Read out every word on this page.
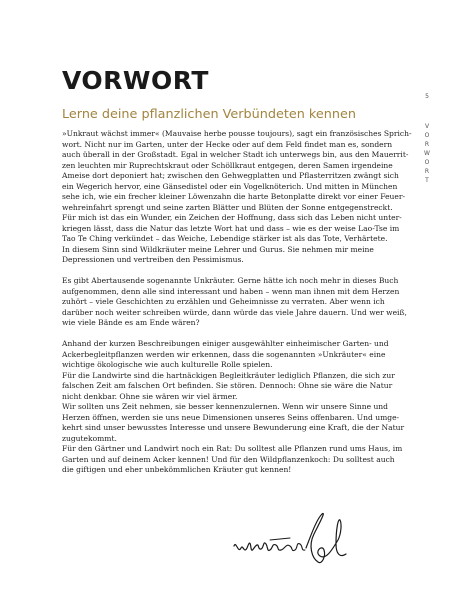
VORWORT
Lerne deine pflanzlichen Verbündeten kennen
5
V
O
R
W
O
R
T

»Unkraut wächst immer« (Mauvaise herbe pousse toujours), sagt ein französisches Sprich-

wort. Nicht nur im Garten, unter der Hecke oder auf dem Feld findet man es, sondern

auch überall in der Großstadt. Egal in welcher Stadt ich unterwegs bin, aus den Mauerrit-

zen leuchten mir Ruprechtskraut oder Schöllkraut entgegen, deren Samen irgendeine

Ameise dort deponiert hat; zwischen den Gehwegplatten und Pflasterritzen zwängt sich

ein Wegerich hervor, eine Gänsedistel oder ein Vogelknöterich. Und mitten in München

sehe ich, wie ein frecher kleiner Löwenzahn die harte Betonplatte direkt vor einer Feuer-

wehreinfahrt sprengt und seine zarten Blätter und Blüten der Sonne entgegenstreckt.

Für mich ist das ein Wunder, ein Zeichen der Hoffnung, dass sich das Leben nicht unter-

kriegen lässt, dass die Natur das letzte Wort hat und dass – wie es der weise Lao-Tse im

Tao Te Ching verkündet – das Weiche, Lebendige stärker ist als das Tote, Verhärtete.

In diesem Sinn sind Wildkräuter meine Lehrer und Gurus. Sie nehmen mir meine

Depressionen und vertreiben den Pessimismus.

Es gibt Abertausende sogenannte Unkräuter. Gerne hätte ich noch mehr in dieses Buch

aufgenommen, denn alle sind interessant und haben – wenn man ihnen mit dem Herzen

zuhört – viele Geschichten zu erzählen und Geheimnisse zu verraten. Aber wenn ich

darüber noch weiter schreiben würde, dann würde das viele Jahre dauern. Und wer weiß,

wie viele Bände es am Ende wären?

Anhand der kurzen Beschreibungen einiger ausgewählter einheimischer Garten- und

Ackerbegleitpflanzen werden wir erkennen, dass die sogenannten »Unkräuter« eine

wichtige ökologische wie auch kulturelle Rolle spielen.

Für die Landwirte sind die hartnäckigen Begleitkräuter lediglich Pflanzen, die sich zur

falschen Zeit am falschen Ort befinden. Sie stören. Dennoch: Ohne sie wäre die Natur

nicht denkbar. Ohne sie wären wir viel ärmer.

Wir sollten uns Zeit nehmen, sie besser kennenzulernen. Wenn wir unsere Sinne und

Herzen öffnen, werden sie uns neue Dimensionen unseres Seins offenbaren. Und umge-

kehrt sind unser bewusstes Interesse und unsere Bewunderung eine Kraft, die der Natur

zugutekommt.

Für den Gärtner und Landwirt noch ein Rat: Du solltest alle Pflanzen rund ums Haus, im

Garten und auf deinem Acker kennen! Und für den Wildpflanzenkoch: Du solltest auch

die giftigen und eher unbekömmlichen Kräuter gut kennen!
